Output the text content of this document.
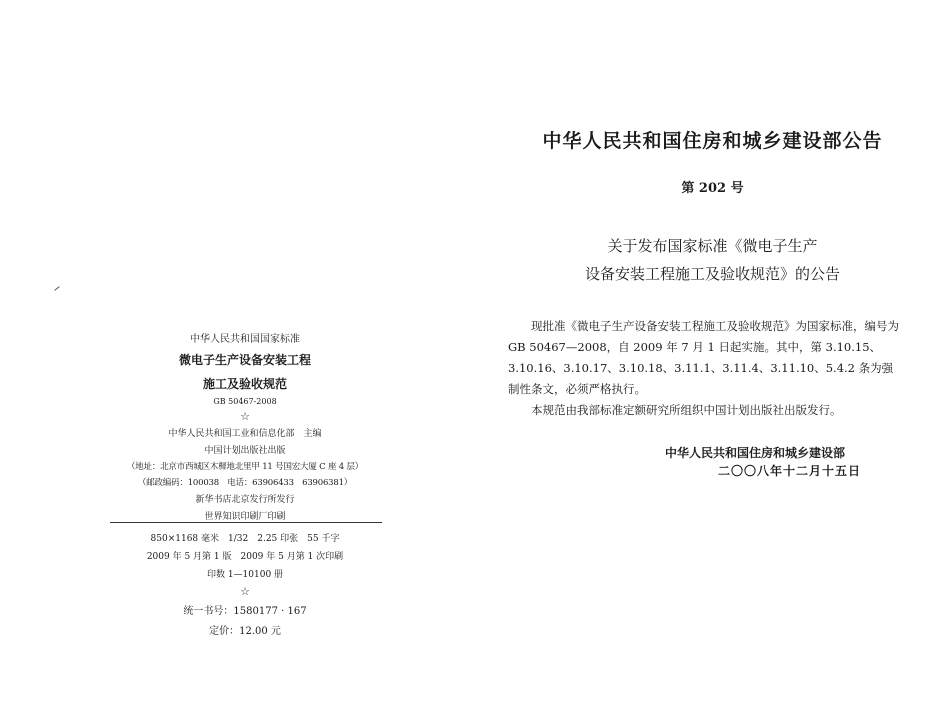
中华人民共和国国家标准
微电子生产设备安装工程
施工及验收规范
GB 50467-2008
☆
中华人民共和国工业和信息化部　主编
中国计划出版社出版
（地址：北京市西城区木樨地北里甲 11 号国宏大厦 C 座 4 层）
（邮政编码：100038　电话：63906433　63906381）
新华书店北京发行所发行
世界知识印刷厂印刷
850×1168 毫米　1/32　2.25 印张　55 千字
2009 年 5 月第 1 版　2009 年 5 月第 1 次印刷
印数 1—10100 册
☆
统一书号：1580177 · 167
定价：12.00 元
中华人民共和国住房和城乡建设部公告
第 202 号
关于发布国家标准《微电子生产
设备安装工程施工及验收规范》的公告

现批准《微电子生产设备安装工程施工及验收规范》为国家标准，编号为 GB 50467—2008，自 2009 年 7 月 1 日起实施。其中，第 3.10.15、3.10.16、3.10.17、3.10.18、3.11.1、3.11.4、3.11.10、5.4.2 条为强制性条文，必须严格执行。

本规范由我部标准定额研究所组织中国计划出版社出版发行。

中华人民共和国住房和城乡建设部
二〇〇八年十二月十五日
